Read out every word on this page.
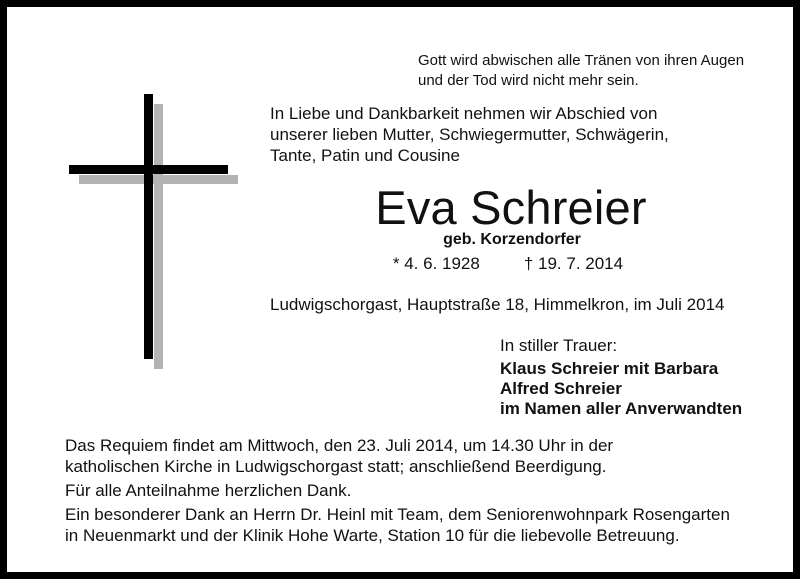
Gott wird abwischen alle Tränen von ihren Augen
und der Tod wird nicht mehr sein.
In Liebe und Dankbarkeit nehmen wir Abschied von
unserer lieben Mutter, Schwiegermutter, Schwägerin,
Tante, Patin und Cousine
Eva Schreier
geb. Korzendorfer
* 4. 6. 1928	† 19. 7. 2014
Ludwigschorgast, Hauptstraße 18, Himmelkron, im Juli 2014
In stiller Trauer:
Klaus Schreier mit Barbara
Alfred Schreier
im Namen aller Anverwandten

Das Requiem findet am Mittwoch, den 23. Juli 2014, um 14.30 Uhr in der
katholischen Kirche in Ludwigschorgast statt; anschließend Beerdigung.

Für alle Anteilnahme herzlichen Dank.

Ein besonderer Dank an Herrn Dr. Heinl mit Team, dem Seniorenwohnpark Rosengarten
in Neuenmarkt und der Klinik Hohe Warte, Station 10 für die liebevolle Betreuung.
